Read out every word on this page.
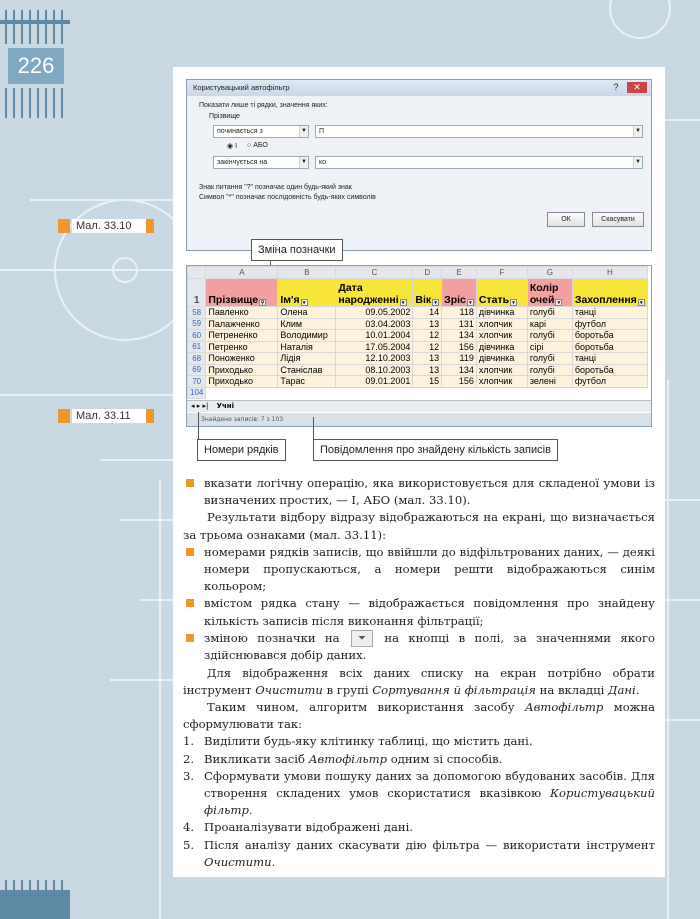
226
Мал. 33.10
Мал. 33.11
Користувацький автофільтр	?	✕
Показати лише ті рядки, значення яких:
Прізвище
починається з	▼	П	▼
◉ І ○ АБО
закінчується на	▼	ко	▼
Знак питання "?" позначає один будь-який знак
Символ "*" позначає послідовність будь-яких символів
ОК	Скасувати
Зміна позначки
	A	B	C	D	E	F	G	H
1	Прізвище ⚲	Ім'я ▾	Дата народженні ▾	Вік ▾	Зріс ▾	Стать ▾	Колір очей ▾	Захоплення ▾
58	Павленко	Олена	09.05.2002	14	118	дівчинка	голубі	танці
59	Палажченко	Клим	03.04.2003	13	131	хлопчик	карі	футбол
60	Петрененко	Володимир	10.01.2004	12	134	хлопчик	голубі	боротьба
61	Петренко	Наталія	17.05.2004	12	156	дівчинка	сірі	боротьба
68	Поноженко	Лідія	12.10.2003	13	119	дівчинка	голубі	танці
69	Приходько	Станіслав	08.10.2003	13	134	хлопчик	голубі	боротьба
70	Приходько	Тарас	09.01.2001	15	156	хлопчик	зелені	футбол
104								
◂ ▸ ▸| Учні
Знайдено записів: 7 з 103
Номери рядків	Повідомлення про знайдену кількість записів

вказати логічну операцію, яка використовується для складеної умови із визначених простих, — І, АБО (мал. 33.10).

Результати відбору відразу відображаються на екрані, що визначається за трьома ознаками (мал. 33.11):

номерами рядків записів, що ввійшли до відфільтрованих даних, — деякі номери пропускаються, а номери решти відображаються синім кольором;

вмістом рядка стану — відображається повідомлення про знайдену кількість записів після виконання фільтрації;

зміною позначки на ⏷ на кнопці в полі, за значеннями якого здійснювався добір даних.

Для відображення всіх даних списку на екран потрібно обрати інструмент Очистити в групі Сортування й фільтрація на вкладці Дані.

Таким чином, алгоритм використання засобу Автофільтр можна сформулювати так:

1. Виділити будь-яку клітинку таблиці, що містить дані.

2. Викликати засіб Автофільтр одним зі способів.

3. Сформувати умови пошуку даних за допомогою вбудованих засобів. Для створення складених умов скористатися вказівкою Користувацький фільтр.

4. Проаналізувати відображені дані.

5. Після аналізу даних скасувати дію фільтра — використати інструмент Очистити.
